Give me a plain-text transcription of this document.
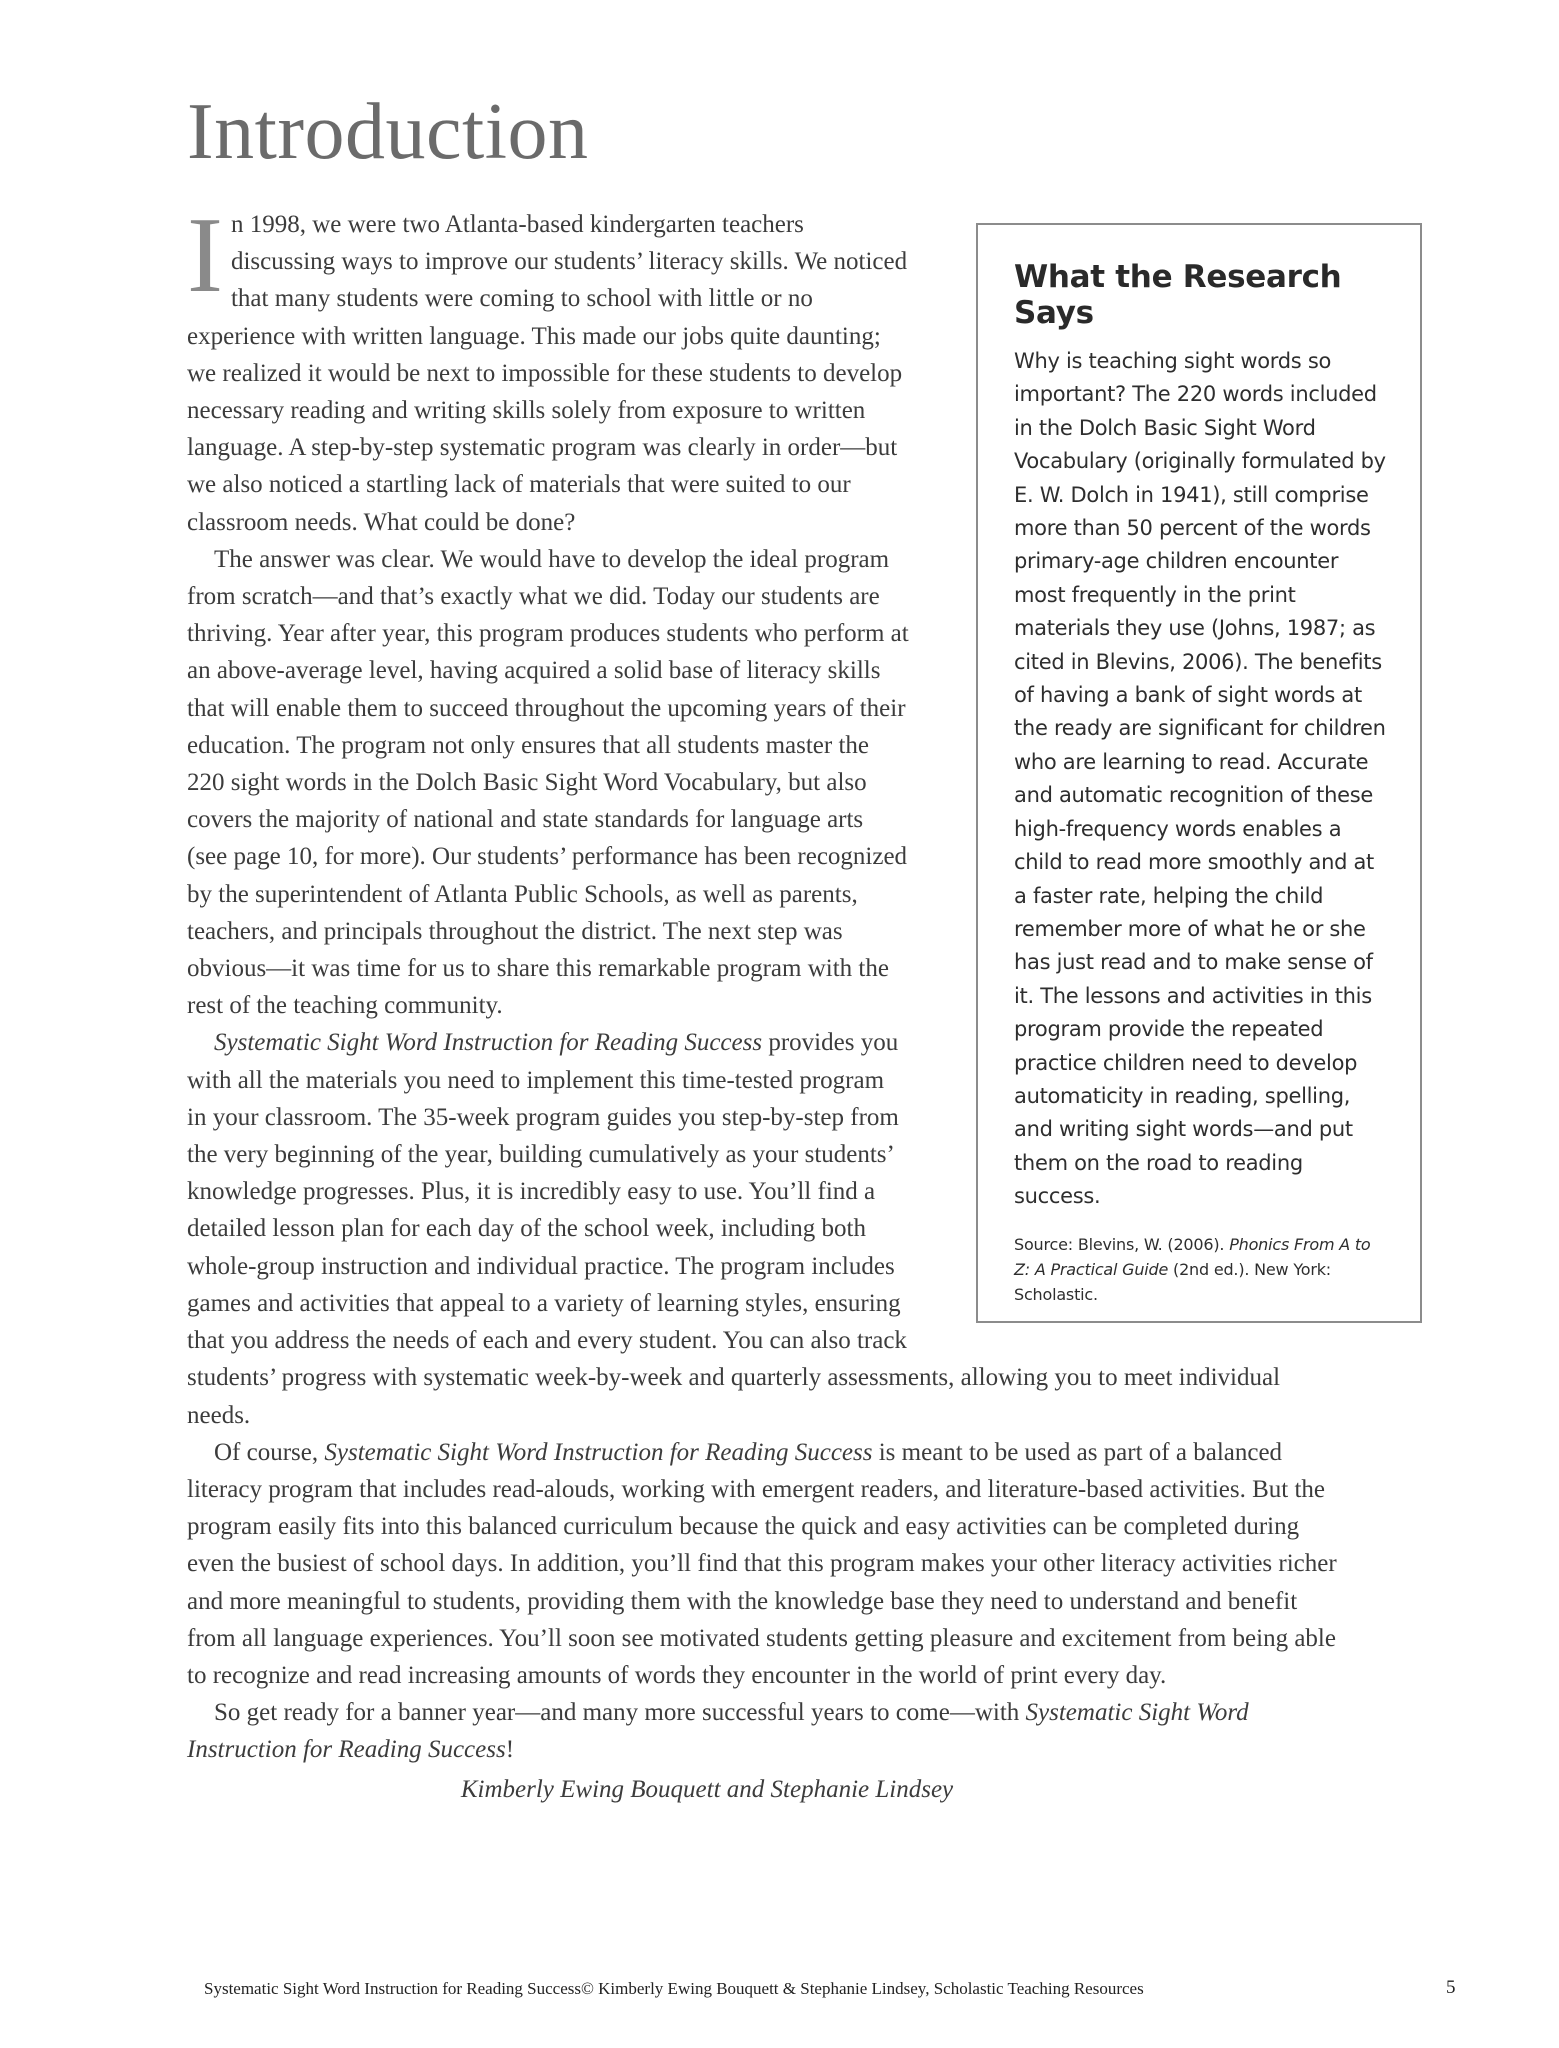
Introduction

In 1998, we were two Atlanta-based kindergarten teachers discussing ways to improve our students’ literacy skills. We noticed that many students were coming to school with little or no experience with written language. This made our jobs quite daunting; we realized it would be next to impossible for these students to develop necessary reading and writing skills solely from exposure to written language. A step-by-step systematic program was clearly in order—but we also noticed a startling lack of materials that were suited to our classroom needs. What could be done?

The answer was clear. We would have to develop the ideal program from scratch—and that’s exactly what we did. Today our students are thriving. Year after year, this program produces students who perform at an above-average level, having acquired a solid base of literacy skills that will enable them to succeed throughout the upcoming years of their education. The program not only ensures that all students master the 220 sight words in the Dolch Basic Sight Word Vocabulary, but also covers the majority of national and state standards for language arts (see page 10, for more). Our students’ performance has been recognized by the superintendent of Atlanta Public Schools, as well as parents, teachers, and principals throughout the district. The next step was obvious—it was time for us to share this remarkable program with the rest of the teaching community.

Systematic Sight Word Instruction for Reading Success provides you with all the materials you need to implement this time-tested program in your classroom. The 35-week program guides you step-by-step from the very beginning of the year, building cumulatively as your students’ knowledge progresses. Plus, it is incredibly easy to use. You’ll find a detailed lesson plan for each day of the school week, including both whole-group instruction and individual practice. The program includes games and activities that appeal to a variety of learning styles, ensuring that you address the needs of each and every student. You can also track students’ progress with systematic week-by-week and quarterly assessments, allowing you to meet individual needs.

Of course, Systematic Sight Word Instruction for Reading Success is meant to be used as part of a balanced literacy program that includes read-alouds, working with emergent readers, and literature-based activities. But the program easily fits into this balanced curriculum because the quick and easy activities can be completed during even the busiest of school days. In addition, you’ll find that this program makes your other literacy activities richer and more meaningful to students, providing them with the knowledge base they need to understand and benefit from all language experiences. You’ll soon see motivated students getting pleasure and excitement from being able to recognize and read increasing amounts of words they encounter in the world of print every day.

So get ready for a banner year—and many more successful years to come—with Systematic Sight Word Instruction for Reading Success!

Kimberly Ewing Bouquett and Stephanie Lindsey

What the Research Says

Why is teaching sight words so important? The 220 words included in the Dolch Basic Sight Word Vocabulary (originally formulated by E. W. Dolch in 1941), still comprise more than 50 percent of the words primary-age children encounter most frequently in the print materials they use (Johns, 1987; as cited in Blevins, 2006). The benefits of having a bank of sight words at the ready are significant for children who are learning to read. Accurate and automatic recognition of these high-frequency words enables a child to read more smoothly and at a faster rate, helping the child remember more of what he or she has just read and to make sense of it. The lessons and activities in this program provide the repeated practice children need to develop automaticity in reading, spelling, and writing sight words—and put them on the road to reading success.

Source: Blevins, W. (2006). Phonics From A to Z: A Practical Guide (2nd ed.). New York: Scholastic.

Systematic Sight Word Instruction for Reading Success© Kimberly Ewing Bouquett & Stephanie Lindsey, Scholastic Teaching Resources	5
